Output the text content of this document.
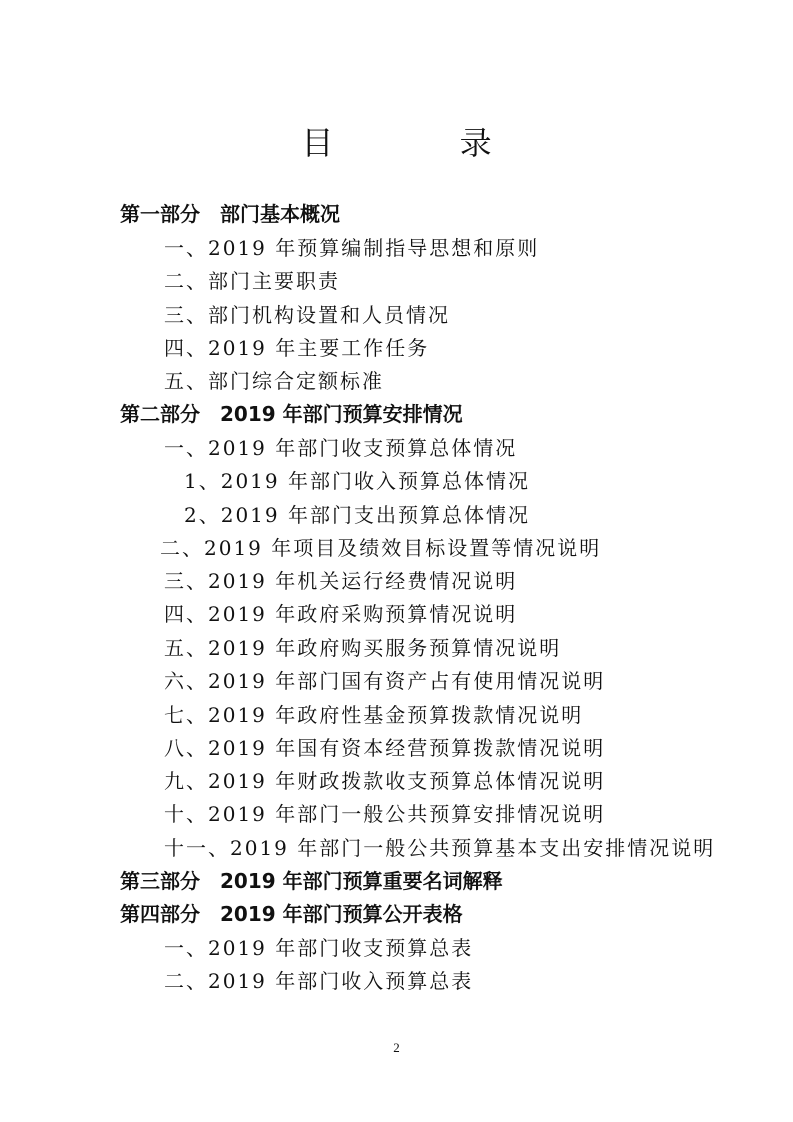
目 录
第一部分　部门基本概况
一、2019 年预算编制指导思想和原则
二、部门主要职责
三、部门机构设置和人员情况
四、2019 年主要工作任务
五、部门综合定额标准
第二部分　2019 年部门预算安排情况
一、2019 年部门收支预算总体情况
1、2019 年部门收入预算总体情况
2、2019 年部门支出预算总体情况
二、2019 年项目及绩效目标设置等情况说明
三、2019 年机关运行经费情况说明
四、2019 年政府采购预算情况说明
五、2019 年政府购买服务预算情况说明
六、2019 年部门国有资产占有使用情况说明
七、2019 年政府性基金预算拨款情况说明
八、2019 年国有资本经营预算拨款情况说明
九、2019 年财政拨款收支预算总体情况说明
十、2019 年部门一般公共预算安排情况说明
十一、2019 年部门一般公共预算基本支出安排情况说明
第三部分　2019 年部门预算重要名词解释
第四部分　2019 年部门预算公开表格
一、2019 年部门收支预算总表
二、2019 年部门收入预算总表
2
